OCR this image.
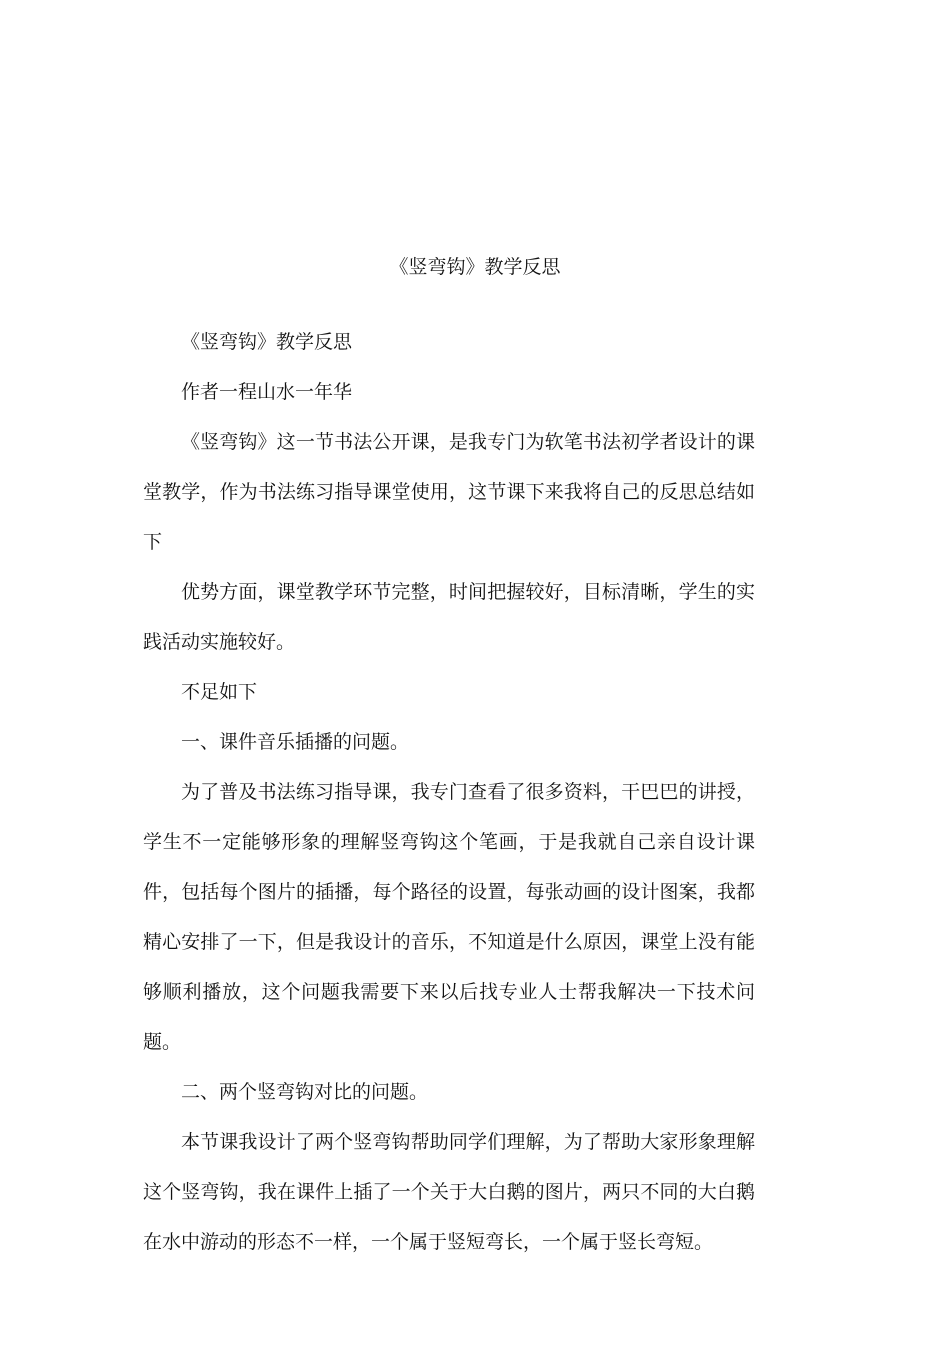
《竖弯钩》教学反思

《竖弯钩》教学反思

作者一程山水一年华

《竖弯钩》这一节书法公开课，是我专门为软笔书法初学者设计的课堂教学，作为书法练习指导课堂使用，这节课下来我将自己的反思总结如下

优势方面，课堂教学环节完整，时间把握较好，目标清晰，学生的实践活动实施较好。

不足如下

一、课件音乐插播的问题。

为了普及书法练习指导课，我专门查看了很多资料，干巴巴的讲授，学生不一定能够形象的理解竖弯钩这个笔画，于是我就自己亲自设计课件，包括每个图片的插播，每个路径的设置，每张动画的设计图案，我都精心安排了一下，但是我设计的音乐，不知道是什么原因，课堂上没有能够顺利播放，这个问题我需要下来以后找专业人士帮我解决一下技术问题。

二、两个竖弯钩对比的问题。

本节课我设计了两个竖弯钩帮助同学们理解，为了帮助大家形象理解这个竖弯钩，我在课件上插了一个关于大白鹅的图片，两只不同的大白鹅在水中游动的形态不一样，一个属于竖短弯长，一个属于竖长弯短。
